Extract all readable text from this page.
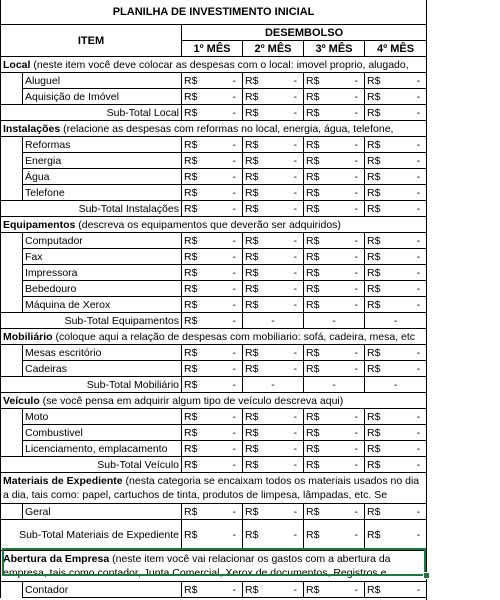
PLANILHA DE INVESTIMENTO INICIAL									
ITEM		DESEMBOLSO							
		1º MÊS		2º MÊS		3º MÊS		4º MÊS	
Local (neste item você deve colocar as despesas com o local: imovel proprio, alugado,									
	Aluguel	R$	-	R$	-	R$	-	R$	-
	Aquisição de Imóvel	R$	-	R$	-	R$	-	R$	-
Sub-Total Local		R$	-	R$	-	R$	-	R$	-
Instalações (relacione as despesas com reformas no local, energia, água, telefone,									
	Reformas	R$	-	R$	-	R$	-	R$	-
	Energia	R$	-	R$	-	R$	-	R$	-
	Água	R$	-	R$	-	R$	-	R$	-
	Telefone	R$	-	R$	-	R$	-	R$	-
Sub-Total Instalações		R$	-	R$	-	R$	-	R$	-
Equipamentos (descreva os equipamentos que deverão ser adquiridos)									
	Computador	R$	-	R$	-	R$	-	R$	-
	Fax	R$	-	R$	-	R$	-	R$	-
	Impressora	R$	-	R$	-	R$	-	R$	-
	Bebedouro	R$	-	R$	-	R$	-	R$	-
	Máquina de Xerox	R$	-	R$	-	R$	-	R$	-
Sub-Total Equipamentos		R$	-	-		-		-	
Mobiliário (coloque aqui a relação de despesas com mobiliario: sofá, cadeira, mesa, etc									
	Mesas escritório	R$	-	R$	-	R$	-	R$	-
	Cadeiras	R$	-	R$	-	R$	-	R$	-
Sub-Total Mobiliário		R$	-	-		-		-	
Veículo (se você pensa em adquirir algum tipo de veículo descreva aqui)									
	Moto	R$	-	R$	-	R$	-	R$	-
	Combustivel	R$	-	R$	-	R$	-	R$	-
	Licenciamento, emplacamento	R$	-	R$	-	R$	-	R$	-
Sub-Total Veículo		R$	-	R$	-	R$	-	R$	-
Materiais de Expediente (nesta categoria se encaixam todos os materiais usados no dia a dia, tais como: papel, cartuchos de tinta, produtos de limpesa, lâmpadas, etc. Se									
	Geral	R$	-	R$	-	R$	-	R$	-
Sub-Total Materiais de Expediente		R$	-	R$	-	R$	-	R$	-
Abertura da Empresa (neste item você vai relacionar os gastos com a abertura da empresa, tais como contador, Junta Comercial, Xerox de documentos, Registros e									
	Contador	R$	-	R$	-	R$	-	R$	-
